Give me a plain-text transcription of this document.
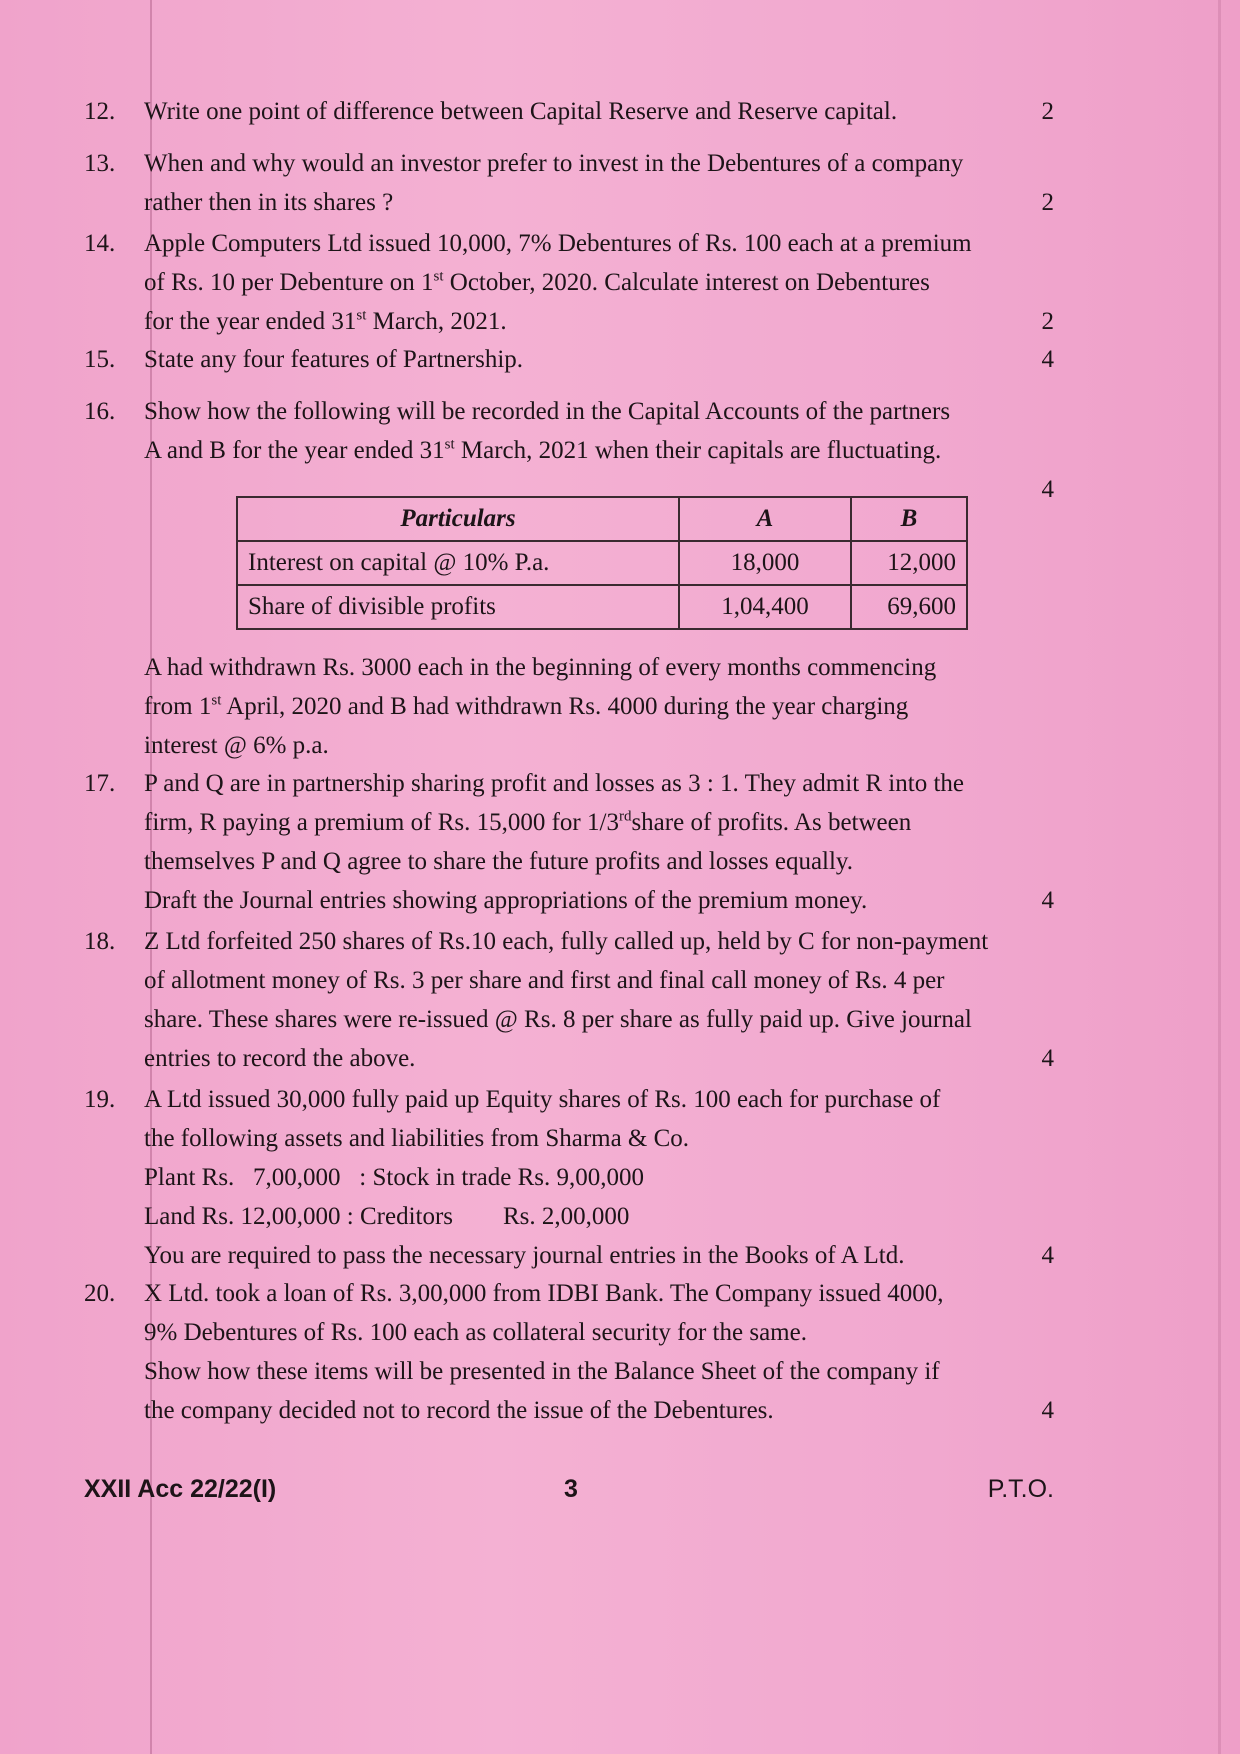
12.	Write one point of difference between Capital Reserve and Reserve capital.	2
13.	When and why would an investor prefer to invest in the Debentures of a company
rather then in its shares ?	2
14.	Apple Computers Ltd issued 10,000, 7% Debentures of Rs. 100 each at a premium
of Rs. 10 per Debenture on 1st October, 2020. Calculate interest on Debentures
for the year ended 31st March, 2021.	2
15.	State any four features of Partnership.	4
16.	Show how the following will be recorded in the Capital Accounts of the partners
A and B for the year ended 31st March, 2021 when their capitals are fluctuating.
4
Particulars	A	B
Interest on capital @ 10% P.a.	18,000	12,000
Share of divisible profits	1,04,400	69,600
A had withdrawn Rs. 3000 each in the beginning of every months commencing
from 1st April, 2020 and B had withdrawn Rs. 4000 during the year charging
interest @ 6% p.a.
17.	P and Q are in partnership sharing profit and losses as 3 : 1. They admit R into the
firm, R paying a premium of Rs. 15,000 for 1/3rdshare of profits. As between
themselves P and Q agree to share the future profits and losses equally.
Draft the Journal entries showing appropriations of the premium money.	4
18.	Z Ltd forfeited 250 shares of Rs.10 each, fully called up, held by C for non-payment
of allotment money of Rs. 3 per share and first and final call money of Rs. 4 per
share. These shares were re-issued @ Rs. 8 per share as fully paid up. Give journal
entries to record the above.	4
19.	A Ltd issued 30,000 fully paid up Equity shares of Rs. 100 each for purchase of
the following assets and liabilities from Sharma & Co.
Plant Rs.   7,00,000   : Stock in trade Rs. 9,00,000
Land Rs. 12,00,000 : Creditors        Rs. 2,00,000
You are required to pass the necessary journal entries in the Books of A Ltd.	4
20.	X Ltd. took a loan of Rs. 3,00,000 from IDBI Bank. The Company issued 4000,
9% Debentures of Rs. 100 each as collateral security for the same.
Show how these items will be presented in the Balance Sheet of the company if
the company decided not to record the issue of the Debentures.	4
XXII Acc 22/22(I)	3	P.T.O.
